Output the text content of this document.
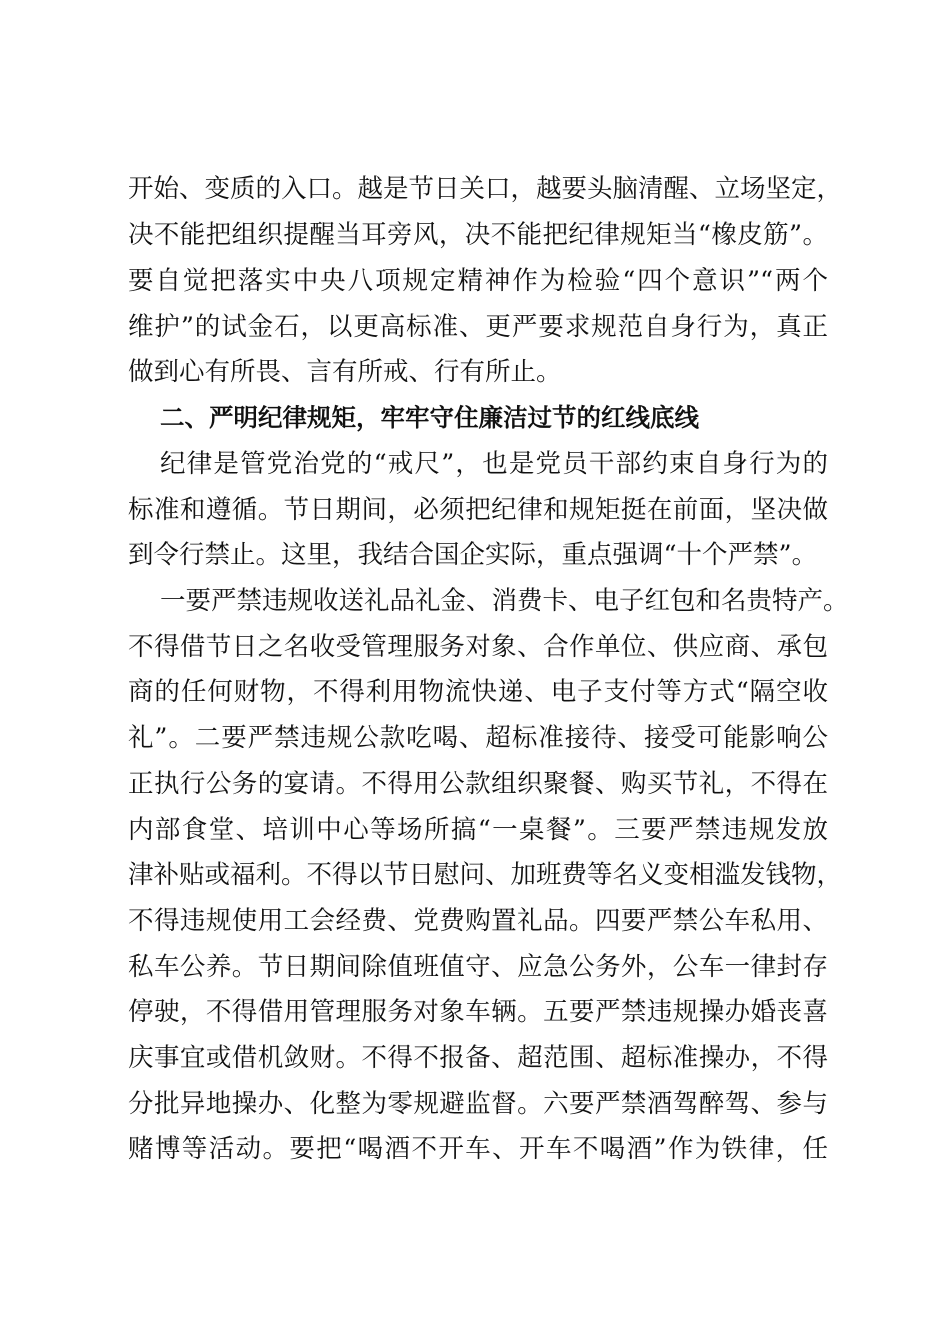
开始、变质的入口。越是节日关口，越要头脑清醒、立场坚定，
决不能把组织提醒当耳旁风，决不能把纪律规矩当“橡皮筋”。
要自觉把落实中央八项规定精神作为检验“四个意识”“两个
维护”的试金石，以更高标准、更严要求规范自身行为，真正
做到心有所畏、言有所戒、行有所止。
二、严明纪律规矩，牢牢守住廉洁过节的红线底线
纪律是管党治党的“戒尺”，也是党员干部约束自身行为的
标准和遵循。节日期间，必须把纪律和规矩挺在前面，坚决做
到令行禁止。这里，我结合国企实际，重点强调“十个严禁”。
一要严禁违规收送礼品礼金、消费卡、电子红包和名贵特产。
不得借节日之名收受管理服务对象、合作单位、供应商、承包
商的任何财物，不得利用物流快递、电子支付等方式“隔空收
礼”。二要严禁违规公款吃喝、超标准接待、接受可能影响公
正执行公务的宴请。不得用公款组织聚餐、购买节礼，不得在
内部食堂、培训中心等场所搞“一桌餐”。三要严禁违规发放
津补贴或福利。不得以节日慰问、加班费等名义变相滥发钱物，
不得违规使用工会经费、党费购置礼品。四要严禁公车私用、
私车公养。节日期间除值班值守、应急公务外，公车一律封存
停驶，不得借用管理服务对象车辆。五要严禁违规操办婚丧喜
庆事宜或借机敛财。不得不报备、超范围、超标准操办，不得
分批异地操办、化整为零规避监督。六要严禁酒驾醉驾、参与
赌博等活动。要把“喝酒不开车、开车不喝酒”作为铁律，任
